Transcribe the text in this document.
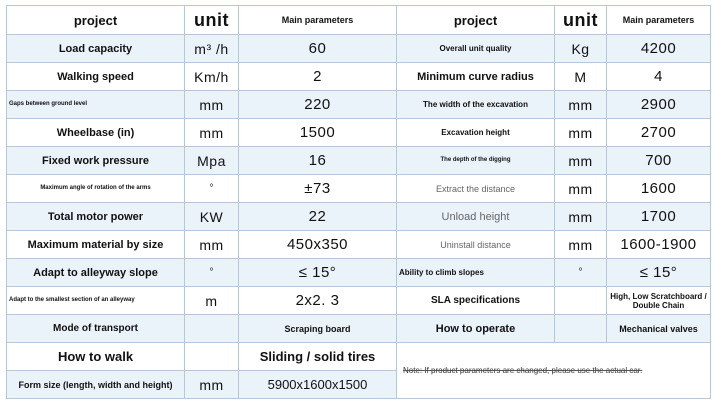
project	unit	Main parameters	project	unit	Main parameters
Load capacity	m³ /h	60	Overall unit quality	Kg	4200
Walking speed	Km/h	2	Minimum curve radius	M	4
Gaps between ground level	mm	220	The width of the excavation	mm	2900
Wheelbase (in)	mm	1500	Excavation height	mm	2700
Fixed work pressure	Mpa	16	The depth of the digging	mm	700
Maximum angle of rotation of the arms	°	±73	Extract the distance	mm	1600
Total motor power	KW	22	Unload height	mm	1700
Maximum material by size	mm	450x350	Uninstall distance	mm	1600-1900
Adapt to alleyway slope	°	≤ 15°	Ability to climb slopes	°	≤ 15°
Adapt to the smallest section of an alleyway	m	2x2. 3	SLA specifications		High, Low Scratchboard / Double Chain
Mode of transport		Scraping board	How to operate		Mechanical valves
How to walk		Sliding / solid tires	Note: If product parameters are changed, please use the actual car.		
Form size (length, width and height)	mm	5900x1600x1500			
